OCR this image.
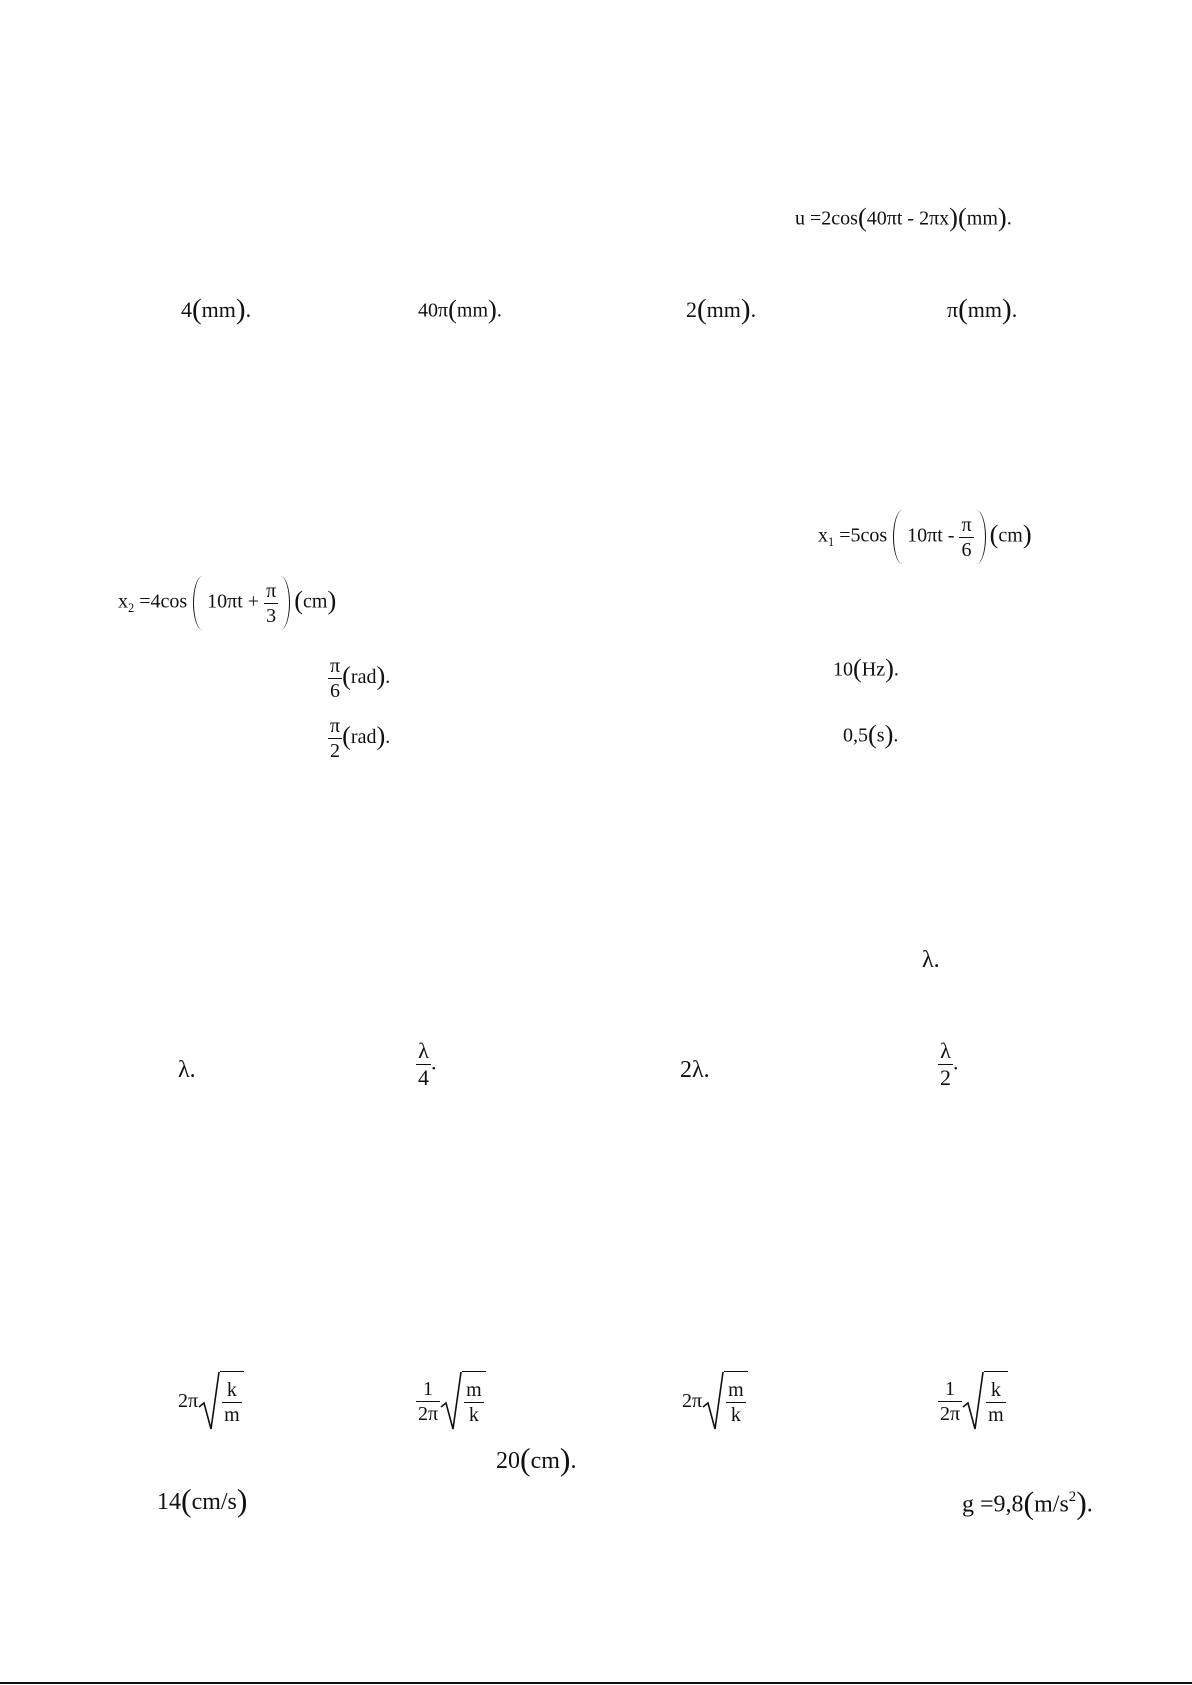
u =2cos(40πt - 2πx)(mm).
4(mm).	40π(mm).	2(mm).	π(mm).
$x_1 =5\cos$ $10\pi t - \frac{\pi}{6} (cm)$
$x_2 =4\cos$ $10\pi t + \frac{\pi}{3} (cm)$
$\frac{\pi}{6} (rad)$.	10(Hz).
$\frac{\pi}{2} (rad)$.	0,5(s).
λ.
λ.	$\frac{\lambda}{4}$ .	2λ.	$\frac{\lambda}{2}$ .
$2\pi \frac{k}{m}$	$\frac{1}{2\pi} \frac{m}{k}$	$2\pi \frac{m}{k}$	$\frac{1}{2\pi} \frac{k}{m}$
20(cm).
14(cm/s)	$g =9,8(m/s^2)$.
